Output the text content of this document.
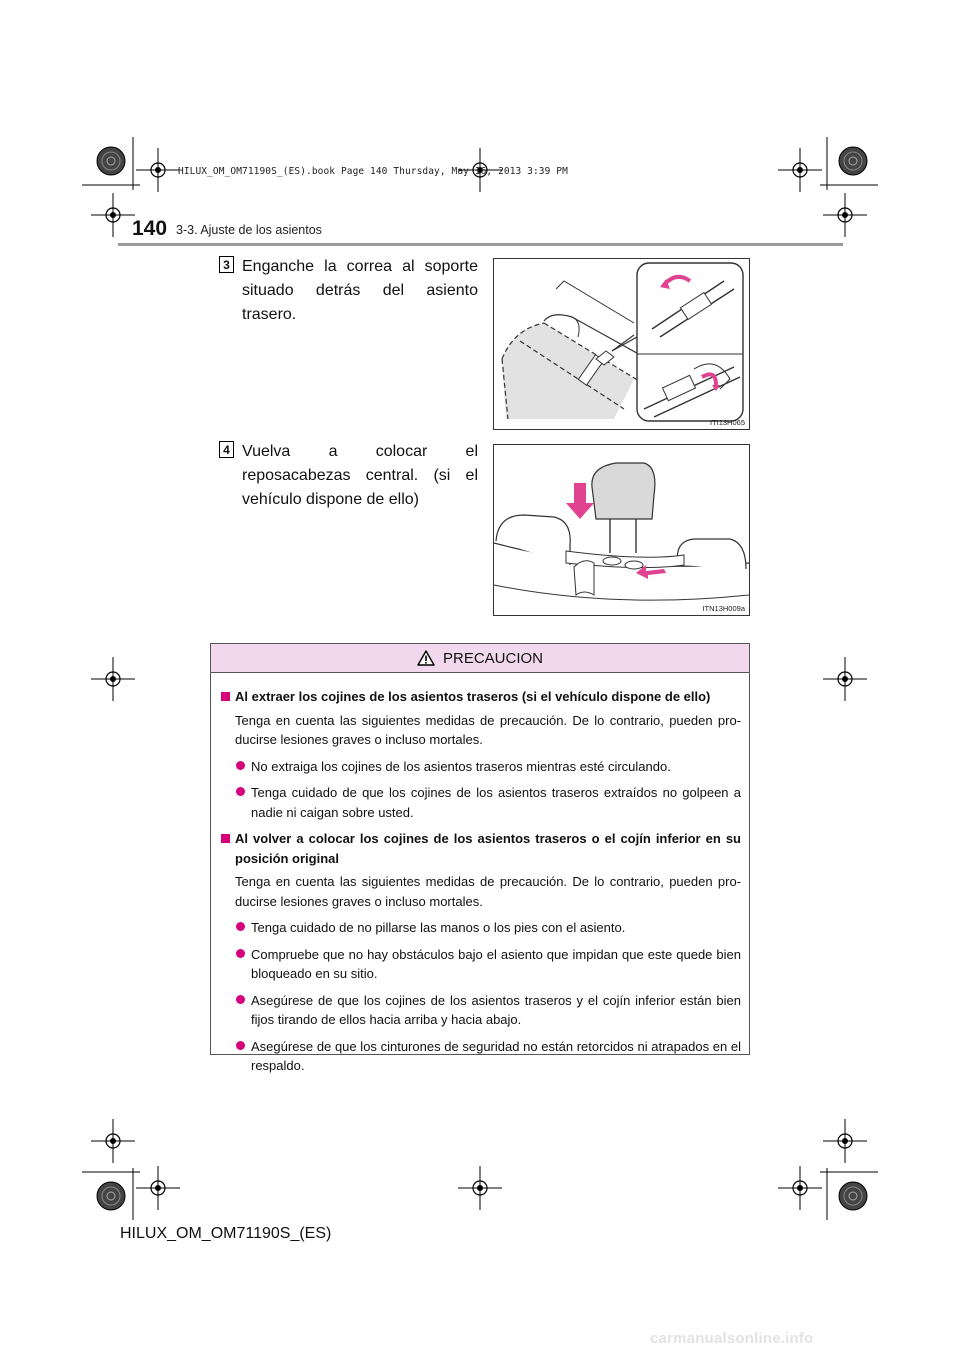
HILUX_OM_OM71190S_(ES).book Page 140 Thursday, May 16, 2013 3:39 PM
140 3-3. Ajuste de los asientos
3 Enganche la correa al soporte situado detrás del asiento trasero.
ITI13H065
4 Vuelva a colocar el reposacabezas central. (si el vehículo dispone de ello)
ITN13H009a
PRECAUCION
Al extraer los cojines de los asientos traseros (si el vehículo dispone de ello)
Tenga en cuenta las siguientes medidas de precaución. De lo contrario, pueden pro-ducirse lesiones graves o incluso mortales.
No extraiga los cojines de los asientos traseros mientras esté circulando.
Tenga cuidado de que los cojines de los asientos traseros extraídos no golpeen a nadie ni caigan sobre usted.
Al volver a colocar los cojines de los asientos traseros o el cojín inferior en su posición original
Tenga en cuenta las siguientes medidas de precaución. De lo contrario, pueden pro-ducirse lesiones graves o incluso mortales.
Tenga cuidado de no pillarse las manos o los pies con el asiento.
Compruebe que no hay obstáculos bajo el asiento que impidan que este quede bien bloqueado en su sitio.
Asegúrese de que los cojines de los asientos traseros y el cojín inferior están bien fijos tirando de ellos hacia arriba y hacia abajo.
Asegúrese de que los cinturones de seguridad no están retorcidos ni atrapados en el respaldo.
HILUX_OM_OM71190S_(ES)
carmanualsonline.info
